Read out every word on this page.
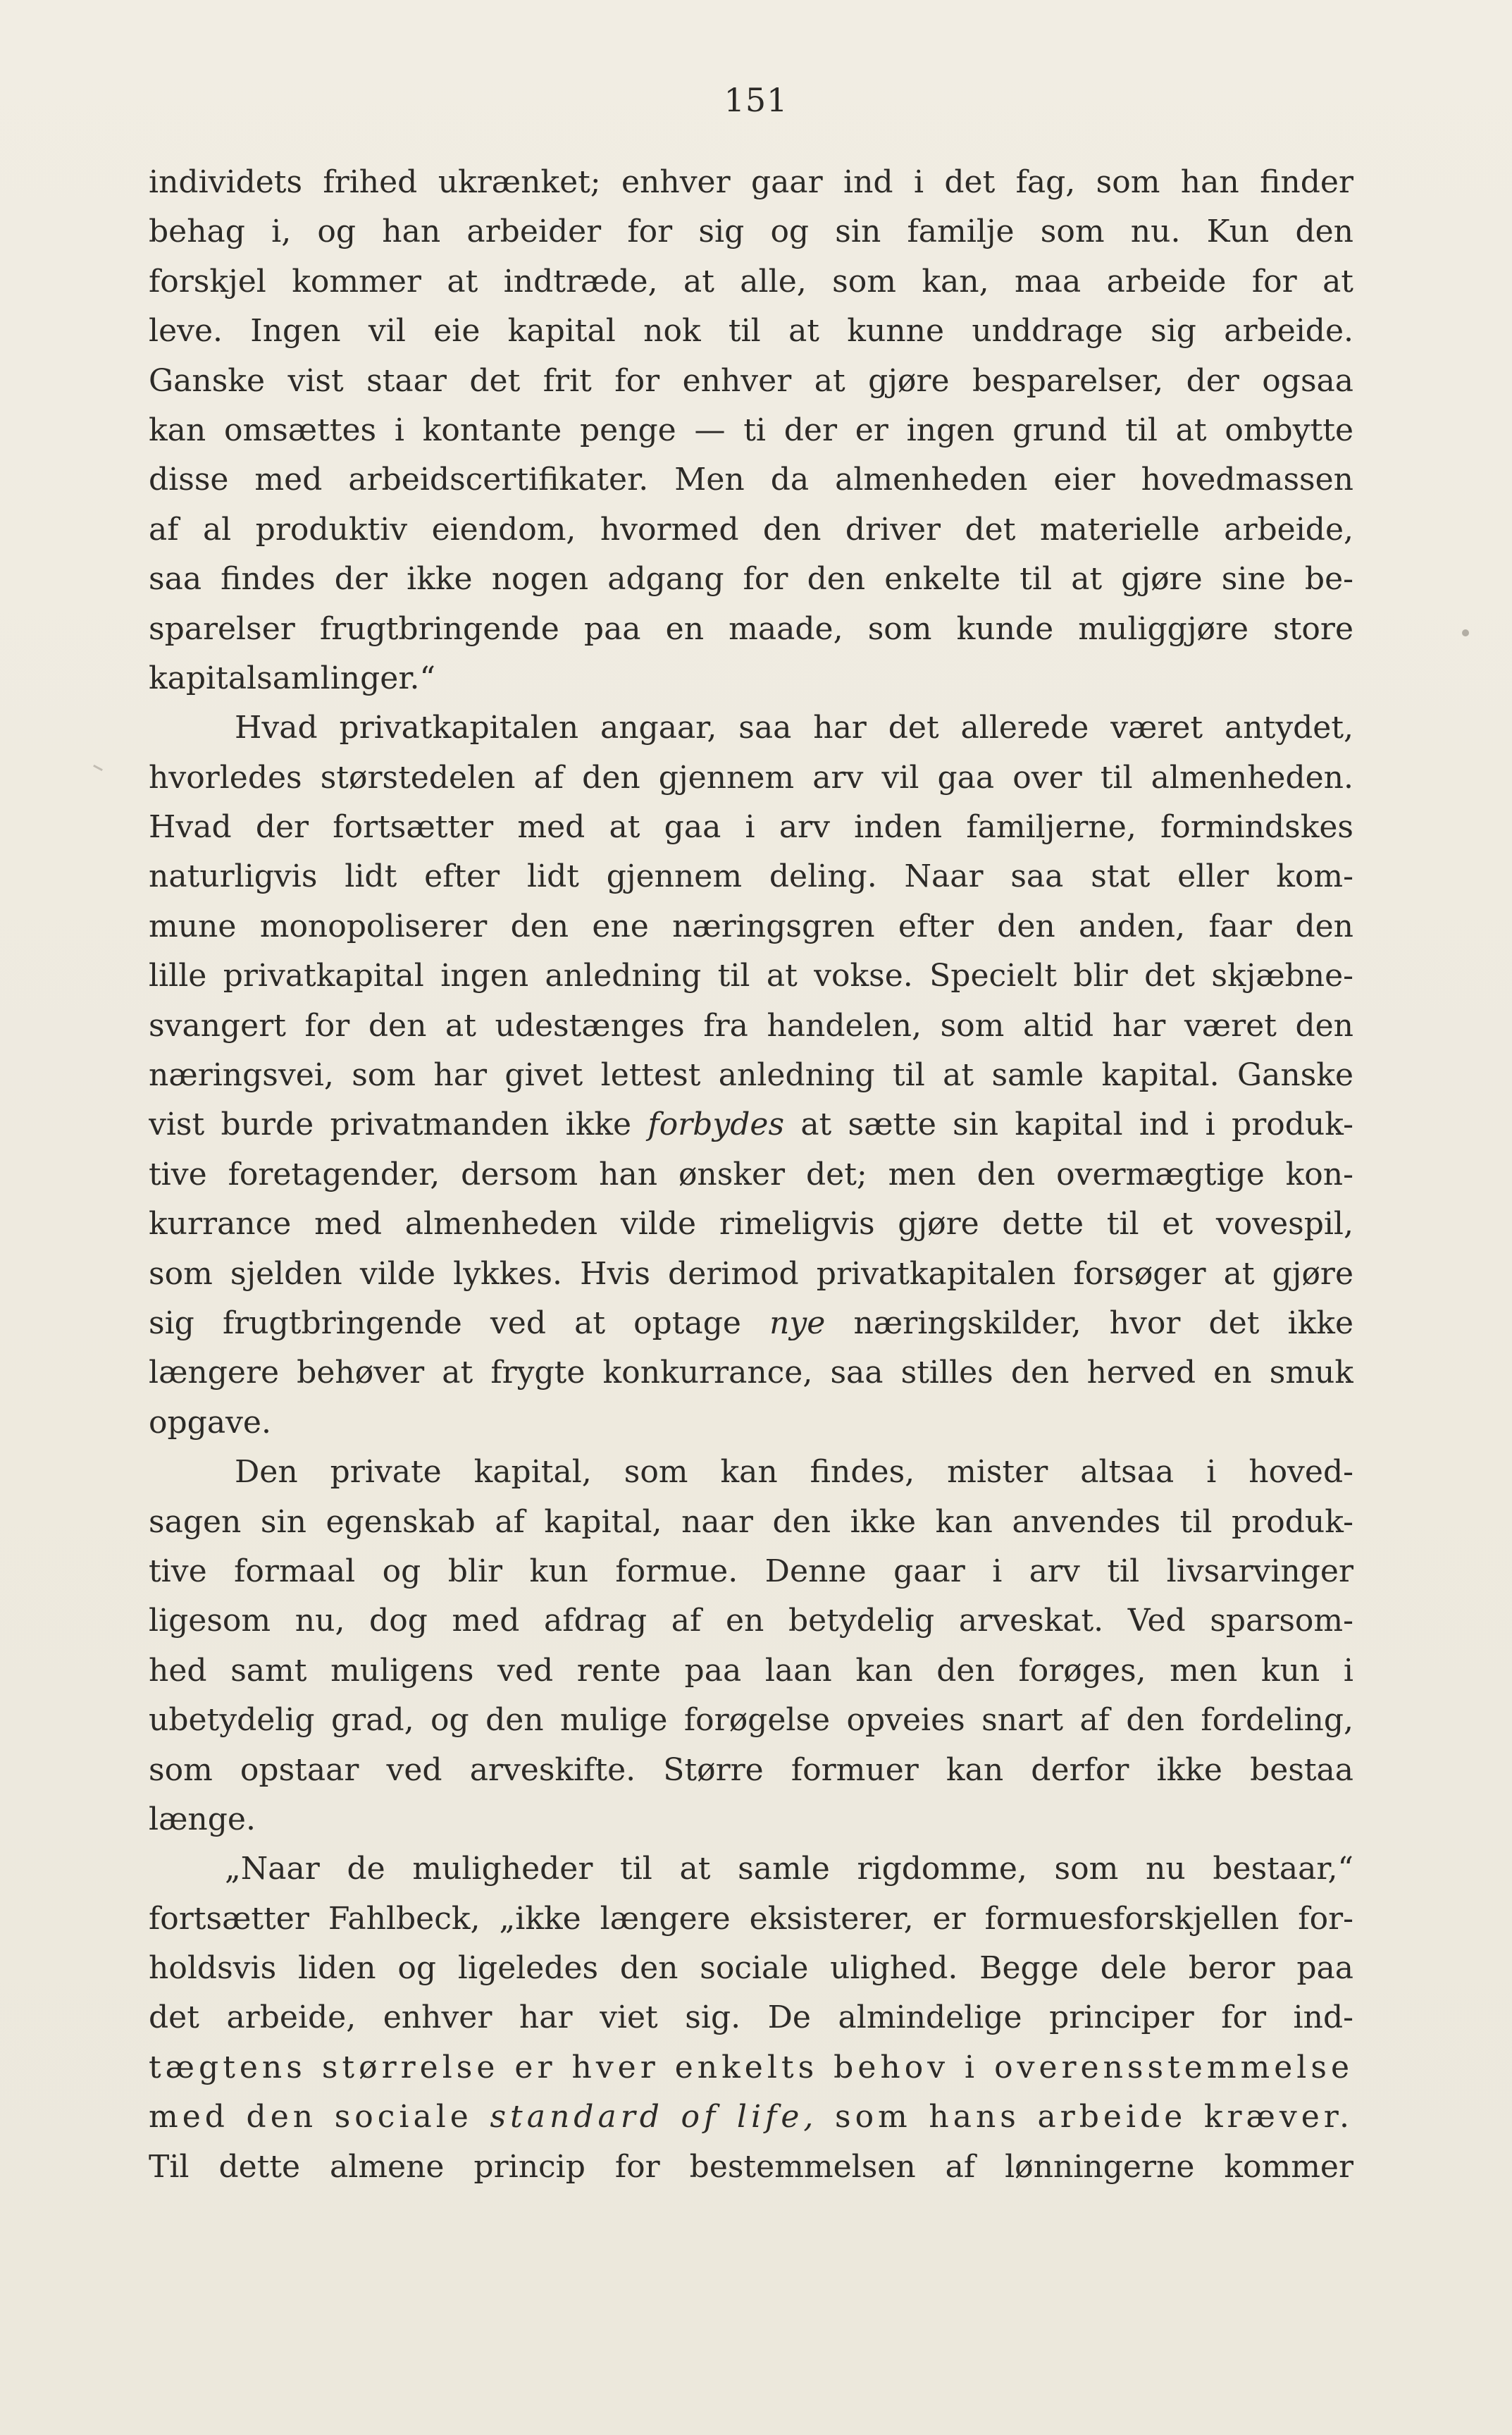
151
individets frihed ukrænket; enhver gaar ind i det fag, som han finder
behag i, og han arbeider for sig og sin familje som nu. Kun den
forskjel kommer at indtræde, at alle, som kan, maa arbeide for at
leve. Ingen vil eie kapital nok til at kunne unddrage sig arbeide.
Ganske vist staar det frit for enhver at gjøre besparelser, der ogsaa
kan omsættes i kontante penge — ti der er ingen grund til at ombytte
disse med arbeidscertifikater. Men da almenheden eier hovedmassen
af al produktiv eiendom, hvormed den driver det materielle arbeide,
saa findes der ikke nogen adgang for den enkelte til at gjøre sine be-
sparelser frugtbringende paa en maade, som kunde muliggjøre store
kapitalsamlinger.“
Hvad privatkapitalen angaar, saa har det allerede været antydet,
hvorledes størstedelen af den gjennem arv vil gaa over til almenheden.
Hvad der fortsætter med at gaa i arv inden familjerne, formindskes
naturligvis lidt efter lidt gjennem deling. Naar saa stat eller kom-
mune monopoliserer den ene næringsgren efter den anden, faar den
lille privatkapital ingen anledning til at vokse. Specielt blir det skjæbne-
svangert for den at udestænges fra handelen, som altid har været den
næringsvei, som har givet lettest anledning til at samle kapital. Ganske
vist burde privatmanden ikke forbydes at sætte sin kapital ind i produk-
tive foretagender, dersom han ønsker det; men den overmægtige kon-
kurrance med almenheden vilde rimeligvis gjøre dette til et vovespil,
som sjelden vilde lykkes. Hvis derimod privatkapitalen forsøger at gjøre
sig frugtbringende ved at optage nye næringskilder, hvor det ikke
længere behøver at frygte konkurrance, saa stilles den herved en smuk
opgave.
Den private kapital, som kan findes, mister altsaa i hoved-
sagen sin egenskab af kapital, naar den ikke kan anvendes til produk-
tive formaal og blir kun formue. Denne gaar i arv til livsarvinger
ligesom nu, dog med afdrag af en betydelig arveskat. Ved sparsom-
hed samt muligens ved rente paa laan kan den forøges, men kun i
ubetydelig grad, og den mulige forøgelse opveies snart af den fordeling,
som opstaar ved arveskifte. Større formuer kan derfor ikke bestaa
længe.
„Naar de muligheder til at samle rigdomme, som nu bestaar,“
fortsætter Fahlbeck, „ikke længere eksisterer, er formuesforskjellen for-
holdsvis liden og ligeledes den sociale ulighed. Begge dele beror paa
det arbeide, enhver har viet sig. De almindelige principer for ind-
tægtens størrelse er hver enkelts behov i overensstemmelse
med den sociale standard of life, som hans arbeide kræver.
Til dette almene princip for bestemmelsen af lønningerne kommer
